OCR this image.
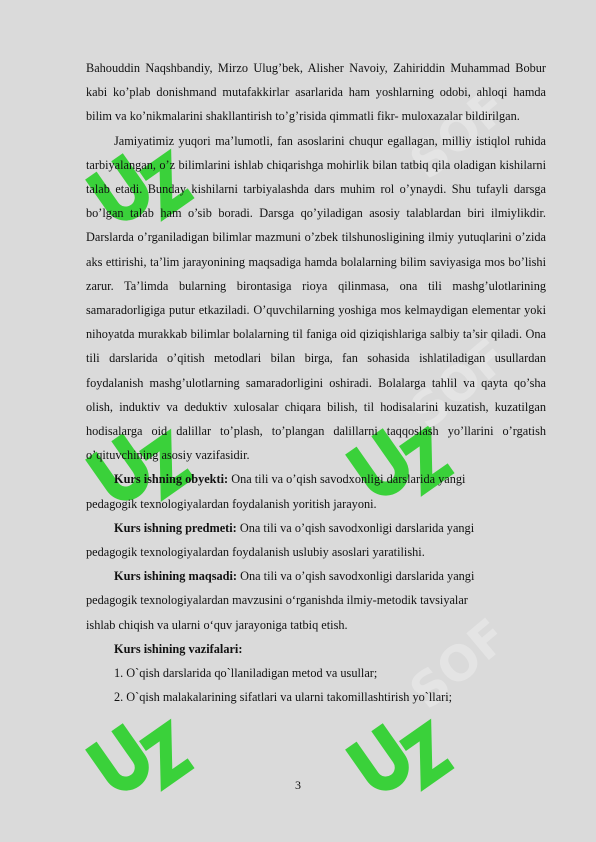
SOF
SOF
SOF

Bahouddin Naqshbandiy, Mirzo Ulug’bek, Alisher Navoiy, Zahiriddin Muhammad Bobur kabi ko’plab donishmand mutafakkirlar asarlarida ham yoshlarning odobi, ahloqi hamda bilim va ko’nikmalarini shakllantirish to’g’risida qimmatli fikr- muloxazalar bildirilgan.

Jamiyatimiz yuqori ma’lumotli, fan asoslarini chuqur egallagan, milliy istiqlol ruhida tarbiyalangan, o’z bilimlarini ishlab chiqarishga mohirlik bilan tatbiq qila oladigan kishilarni talab etadi. Bunday kishilarni tarbiyalashda dars muhim rol o’ynaydi. Shu tufayli darsga bo’lgan talab ham o’sib boradi. Darsga qo’yiladigan asosiy talablardan biri ilmiylikdir. Darslarda o’rganiladigan bilimlar mazmuni o’zbek tilshunosligining ilmiy yutuqlarini o’zida aks ettirishi, ta’lim jarayonining maqsadiga hamda bolalarning bilim saviyasiga mos bo’lishi zarur. Ta’limda bularning birontasiga rioya qilinmasa, ona tili mashg’ulotlarining samaradorligiga putur etkaziladi. O’quvchilarning yoshiga mos kelmaydigan elementar yoki nihoyatda murakkab bilimlar bolalarning til faniga oid qiziqishlariga salbiy ta’sir qiladi. Ona tili darslarida o’qitish metodlari bilan birga, fan sohasida ishlatiladigan usullardan foydalanish mashg’ulotlarning samaradorligini oshiradi. Bolalarga tahlil va qayta qo’sha olish, induktiv va deduktiv xulosalar chiqara bilish, til hodisalarini kuzatish, kuzatilgan hodisalarga oid dalillar to’plash, to’plangan dalillarni taqqoslash yo’llarini o’rgatish o’qituvchining asosiy vazifasidir.

Kurs ishning obyekti: Ona tili va o’qish savodxonligi darslarida yangi
pedagogik texnologiyalardan foydalanish yoritish jarayoni.
Kurs ishning predmeti: Ona tili va o’qish savodxonligi darslarida yangi
pedagogik texnologiyalardan foydalanish uslubiy asoslari yaratilishi.
Kurs ishining maqsadi: Ona tili va o’qish savodxonligi darslarida yangi
pedagogik texnologiyalardan mavzusini o‘rganishda ilmiy-metodik tavsiyalar
ishlab chiqish va ularni o‘quv jarayoniga tatbiq etish.
Kurs ishining vazifalari:
1. O`qish darslarida qo`llaniladigan metod va usullar;
2. O`qish malakalarining sifatlari va ularni takomillashtirish yo`llari;
3
